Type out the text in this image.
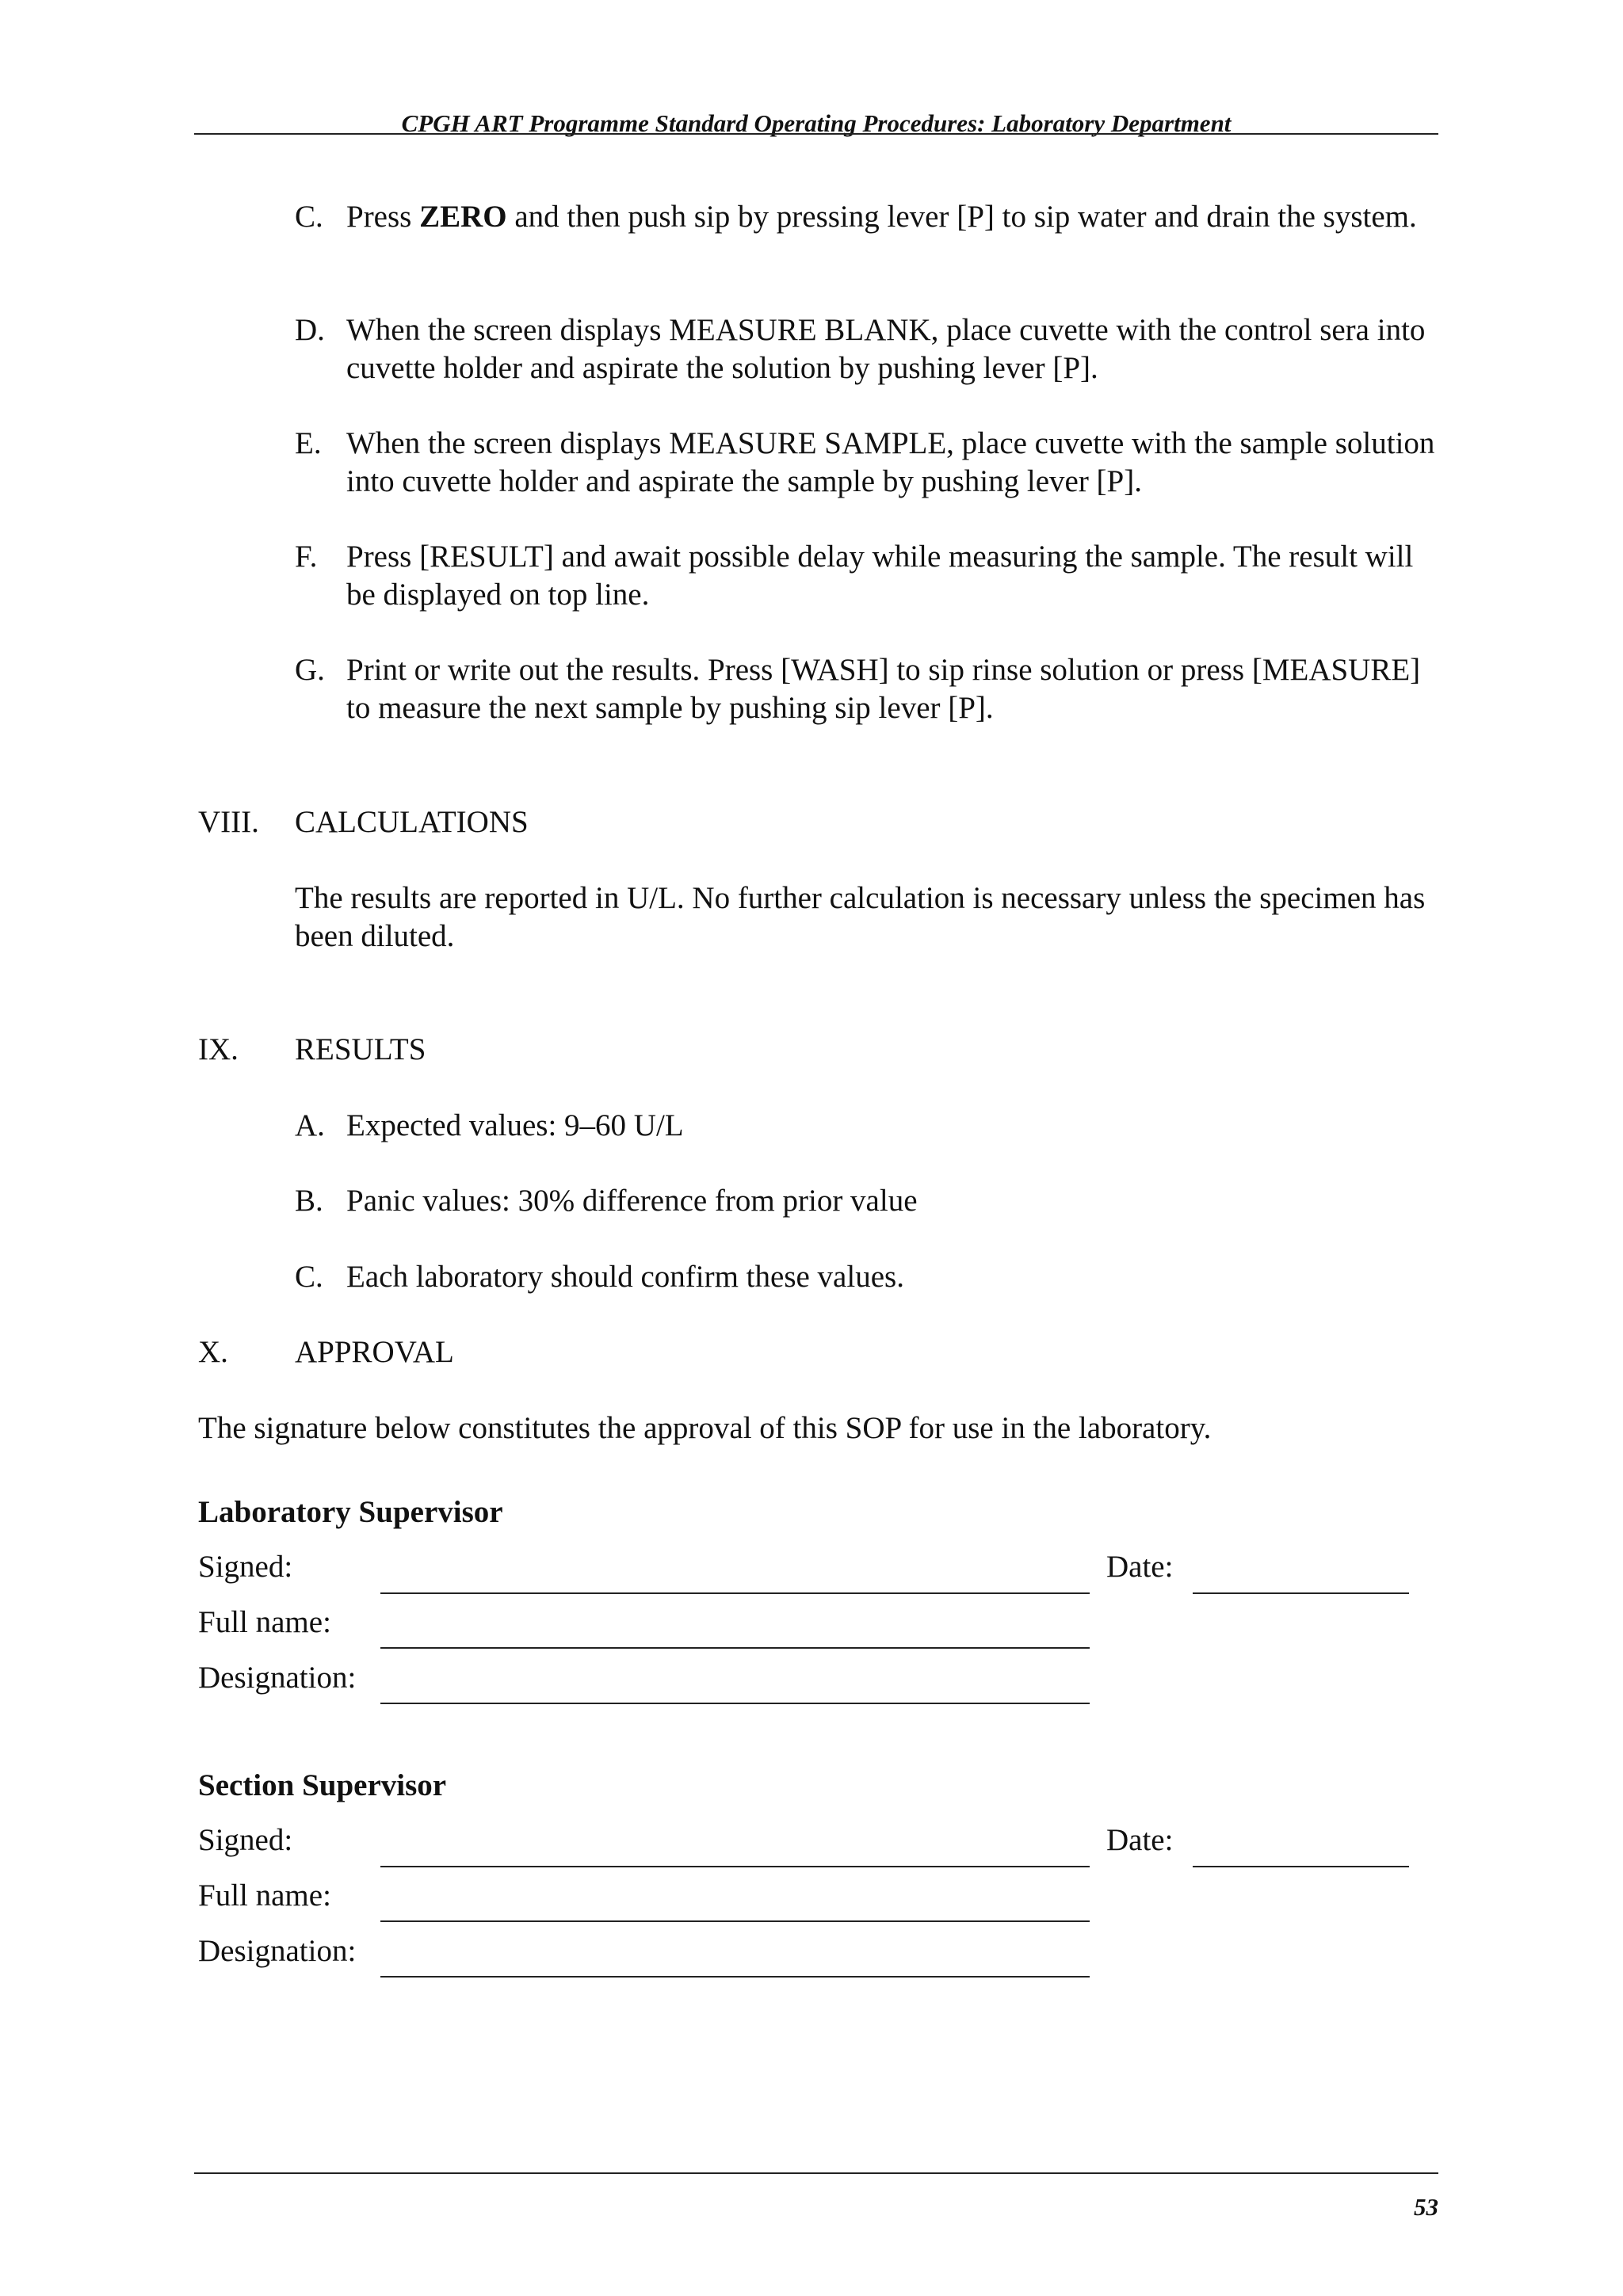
CPGH ART Programme Standard Operating Procedures: Laboratory Department
C. Press ZERO and then push sip by pressing lever [P] to sip water and drain the system.
D. When the screen displays MEASURE BLANK, place cuvette with the control sera into cuvette holder and aspirate the solution by pushing lever [P].
E. When the screen displays MEASURE SAMPLE, place cuvette with the sample solution into cuvette holder and aspirate the sample by pushing lever [P].
F. Press [RESULT] and await possible delay while measuring the sample. The result will be displayed on top line.
G. Print or write out the results. Press [WASH] to sip rinse solution or press [MEASURE] to measure the next sample by pushing sip lever [P].
VIII. CALCULATIONS
The results are reported in U/L. No further calculation is necessary unless the specimen has been diluted.
IX. RESULTS
A. Expected values: 9–60 U/L
B. Panic values: 30% difference from prior value
C. Each laboratory should confirm these values.
X. APPROVAL
The signature below constitutes the approval of this SOP for use in the laboratory.
Laboratory Supervisor
Signed:	Date:
Full name:
Designation:
Section Supervisor
Signed:	Date:
Full name:
Designation:
53
